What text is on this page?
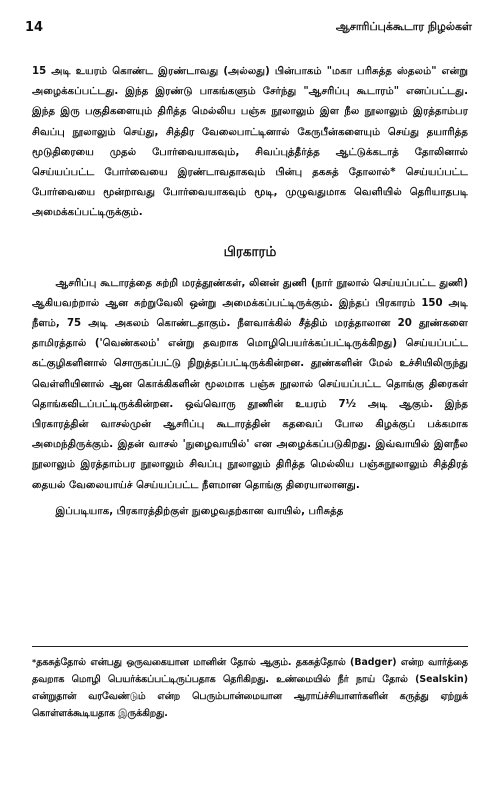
14	ஆசாரிப்புக்கூடார நிழல்கள்

15 அடி உயரம் கொண்ட இரண்டாவது (அல்லது) பின்பாகம் "மகா பரிசுத்த ஸ்தலம்" என்று அழைக்கப்பட்டது. இந்த இரண்டு பாகங்களும் சேர்ந்து "ஆசரிப்பு கூடாரம்" எனப்பட்டது. இந்த இரு பகுதிகளையும் திரித்த மெல்லிய பஞ்சு நூலாலும் இள நீல நூலாலும் இரத்தாம்பர சிவப்பு நூலாலும் செய்து, சித்திர வேலைபாட்டினால் கேருபீன்களையும் செய்து தயாரித்த மூடுதிரையை முதல் போர்வையாகவும், சிவப்புத்தீர்த்த ஆட்டுக்கடாத் தோலினால் செய்யப்பட்ட போர்வையை இரண்டாவதாகவும் பின்பு தகசுத் தோலால்* செய்யப்பட்ட போர்வையை மூன்றாவது போர்வையாகவும் மூடி, முழுவதுமாக வெளியில் தெரியாதபடி அமைக்கப்பட்டிருக்கும்.

பிரகாரம்

ஆசரிப்பு கூடாரத்தை சுற்றி மரத்தூண்கள், லினன் துணி (நார் நூலால் செய்யப்பட்ட துணி) ஆகியவற்றால் ஆன சுற்றுவேலி ஒன்று அமைக்கப்பட்டிருக்கும். இந்தப் பிரகாரம் 150 அடி நீளம், 75 அடி அகலம் கொண்டதாகும். நீளவாக்கில் சீத்திம் மரத்தாலான 20 தூண்களை தாமிரத்தால் ('வெண்கலம்' என்று தவறாக மொழிபெயர்க்கப்பட்டிருக்கிறது) செய்யப்பட்ட கட்குழிகளினால் சொருகப்பட்டு நிறுத்தப்பட்டிருக்கின்றன. தூண்களின் மேல் உச்சியிலிருந்து வெள்ளியினால் ஆன கொக்கிகளின் மூலமாக பஞ்சு நூலால் செய்யப்பட்ட தொங்கு திரைகள் தொங்கவிடப்பட்டிருக்கின்றன. ஒவ்வொரு தூணின் உயரம் 7½ அடி ஆகும். இந்த பிரகாரத்தின் வாசல்முன் ஆசரிப்பு கூடாரத்தின் கதவைப் போல கிழக்குப் பக்கமாக அமைந்திருக்கும். இதன் வாசல் 'நுழைவாயில்' என அழைக்கப்படுகிறது. இவ்வாயில் இளநீல நூலாலும் இரத்தாம்பர நூலாலும் சிவப்பு நூலாலும் திரித்த மெல்லிய பஞ்சுநூலாலும் சித்திரத் தையல் வேலையாய்ச் செய்யப்பட்ட நீளமான தொங்கு திரையாலானது.

இப்படியாக, பிரகாரத்திற்குள் நுழைவதற்கான வாயில், பரிசுத்த

*தகசுத்தோல் என்பது ஒருவகையான மானின் தோல் ஆகும். தகசுத்தோல் (Badger) என்ற வார்த்தை தவறாக மொழி பெயர்க்கப்பட்டிருப்பதாக தெரிகிறது. உண்மையில் நீர் நாய் தோல் (Sealskin) என்றுதான் வரவேண்டும் என்ற பெரும்பான்மையான ஆராய்ச்சியாளர்களின் கருத்து ஏற்றுக் கொள்ளக்கூடியதாக இருக்கிறது.
